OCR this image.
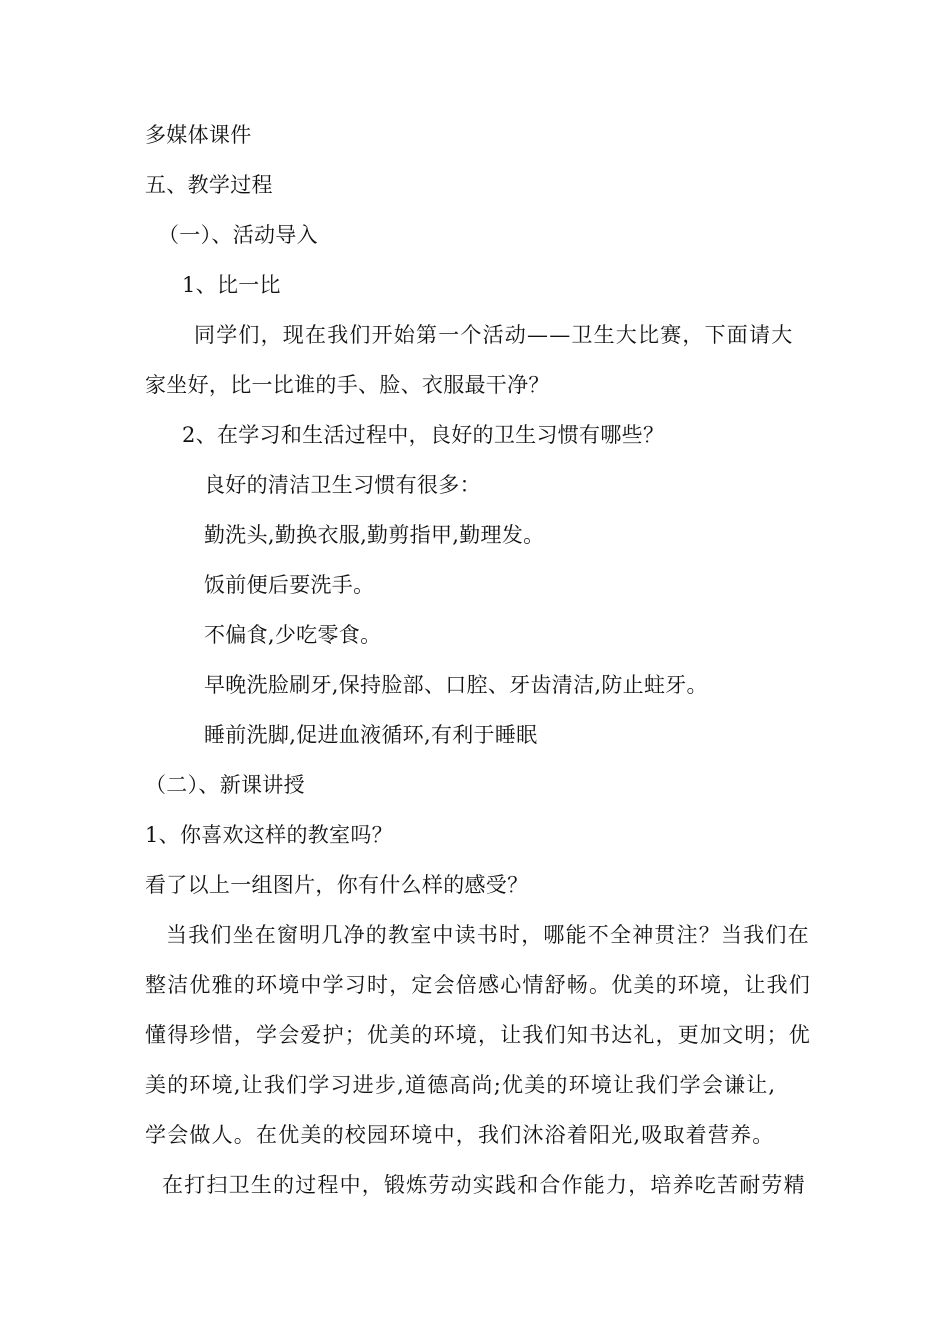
多媒体课件
五、教学过程
（一）、活动导入
1、比一比
同学们，现在我们开始第一个活动——卫生大比赛，下面请大
家坐好，比一比谁的手、脸、衣服最干净？
2、在学习和生活过程中，良好的卫生习惯有哪些？
良好的清洁卫生习惯有很多：
勤洗头,勤换衣服,勤剪指甲,勤理发。
饭前便后要洗手。
不偏食,少吃零食。
早晚洗脸刷牙,保持脸部、口腔、牙齿清洁,防止蛀牙。
睡前洗脚,促进血液循环,有利于睡眠
（二）、新课讲授
1、你喜欢这样的教室吗？
看了以上一组图片，你有什么样的感受？
当我们坐在窗明几净的教室中读书时，哪能不全神贯注？当我们在
整洁优雅的环境中学习时，定会倍感心情舒畅。优美的环境，让我们
懂得珍惜，学会爱护；优美的环境，让我们知书达礼，更加文明；优
美的环境,让我们学习进步,道德高尚;优美的环境让我们学会谦让,
学会做人。在优美的校园环境中，我们沐浴着阳光,吸取着营养。
在打扫卫生的过程中，锻炼劳动实践和合作能力，培养吃苦耐劳精
